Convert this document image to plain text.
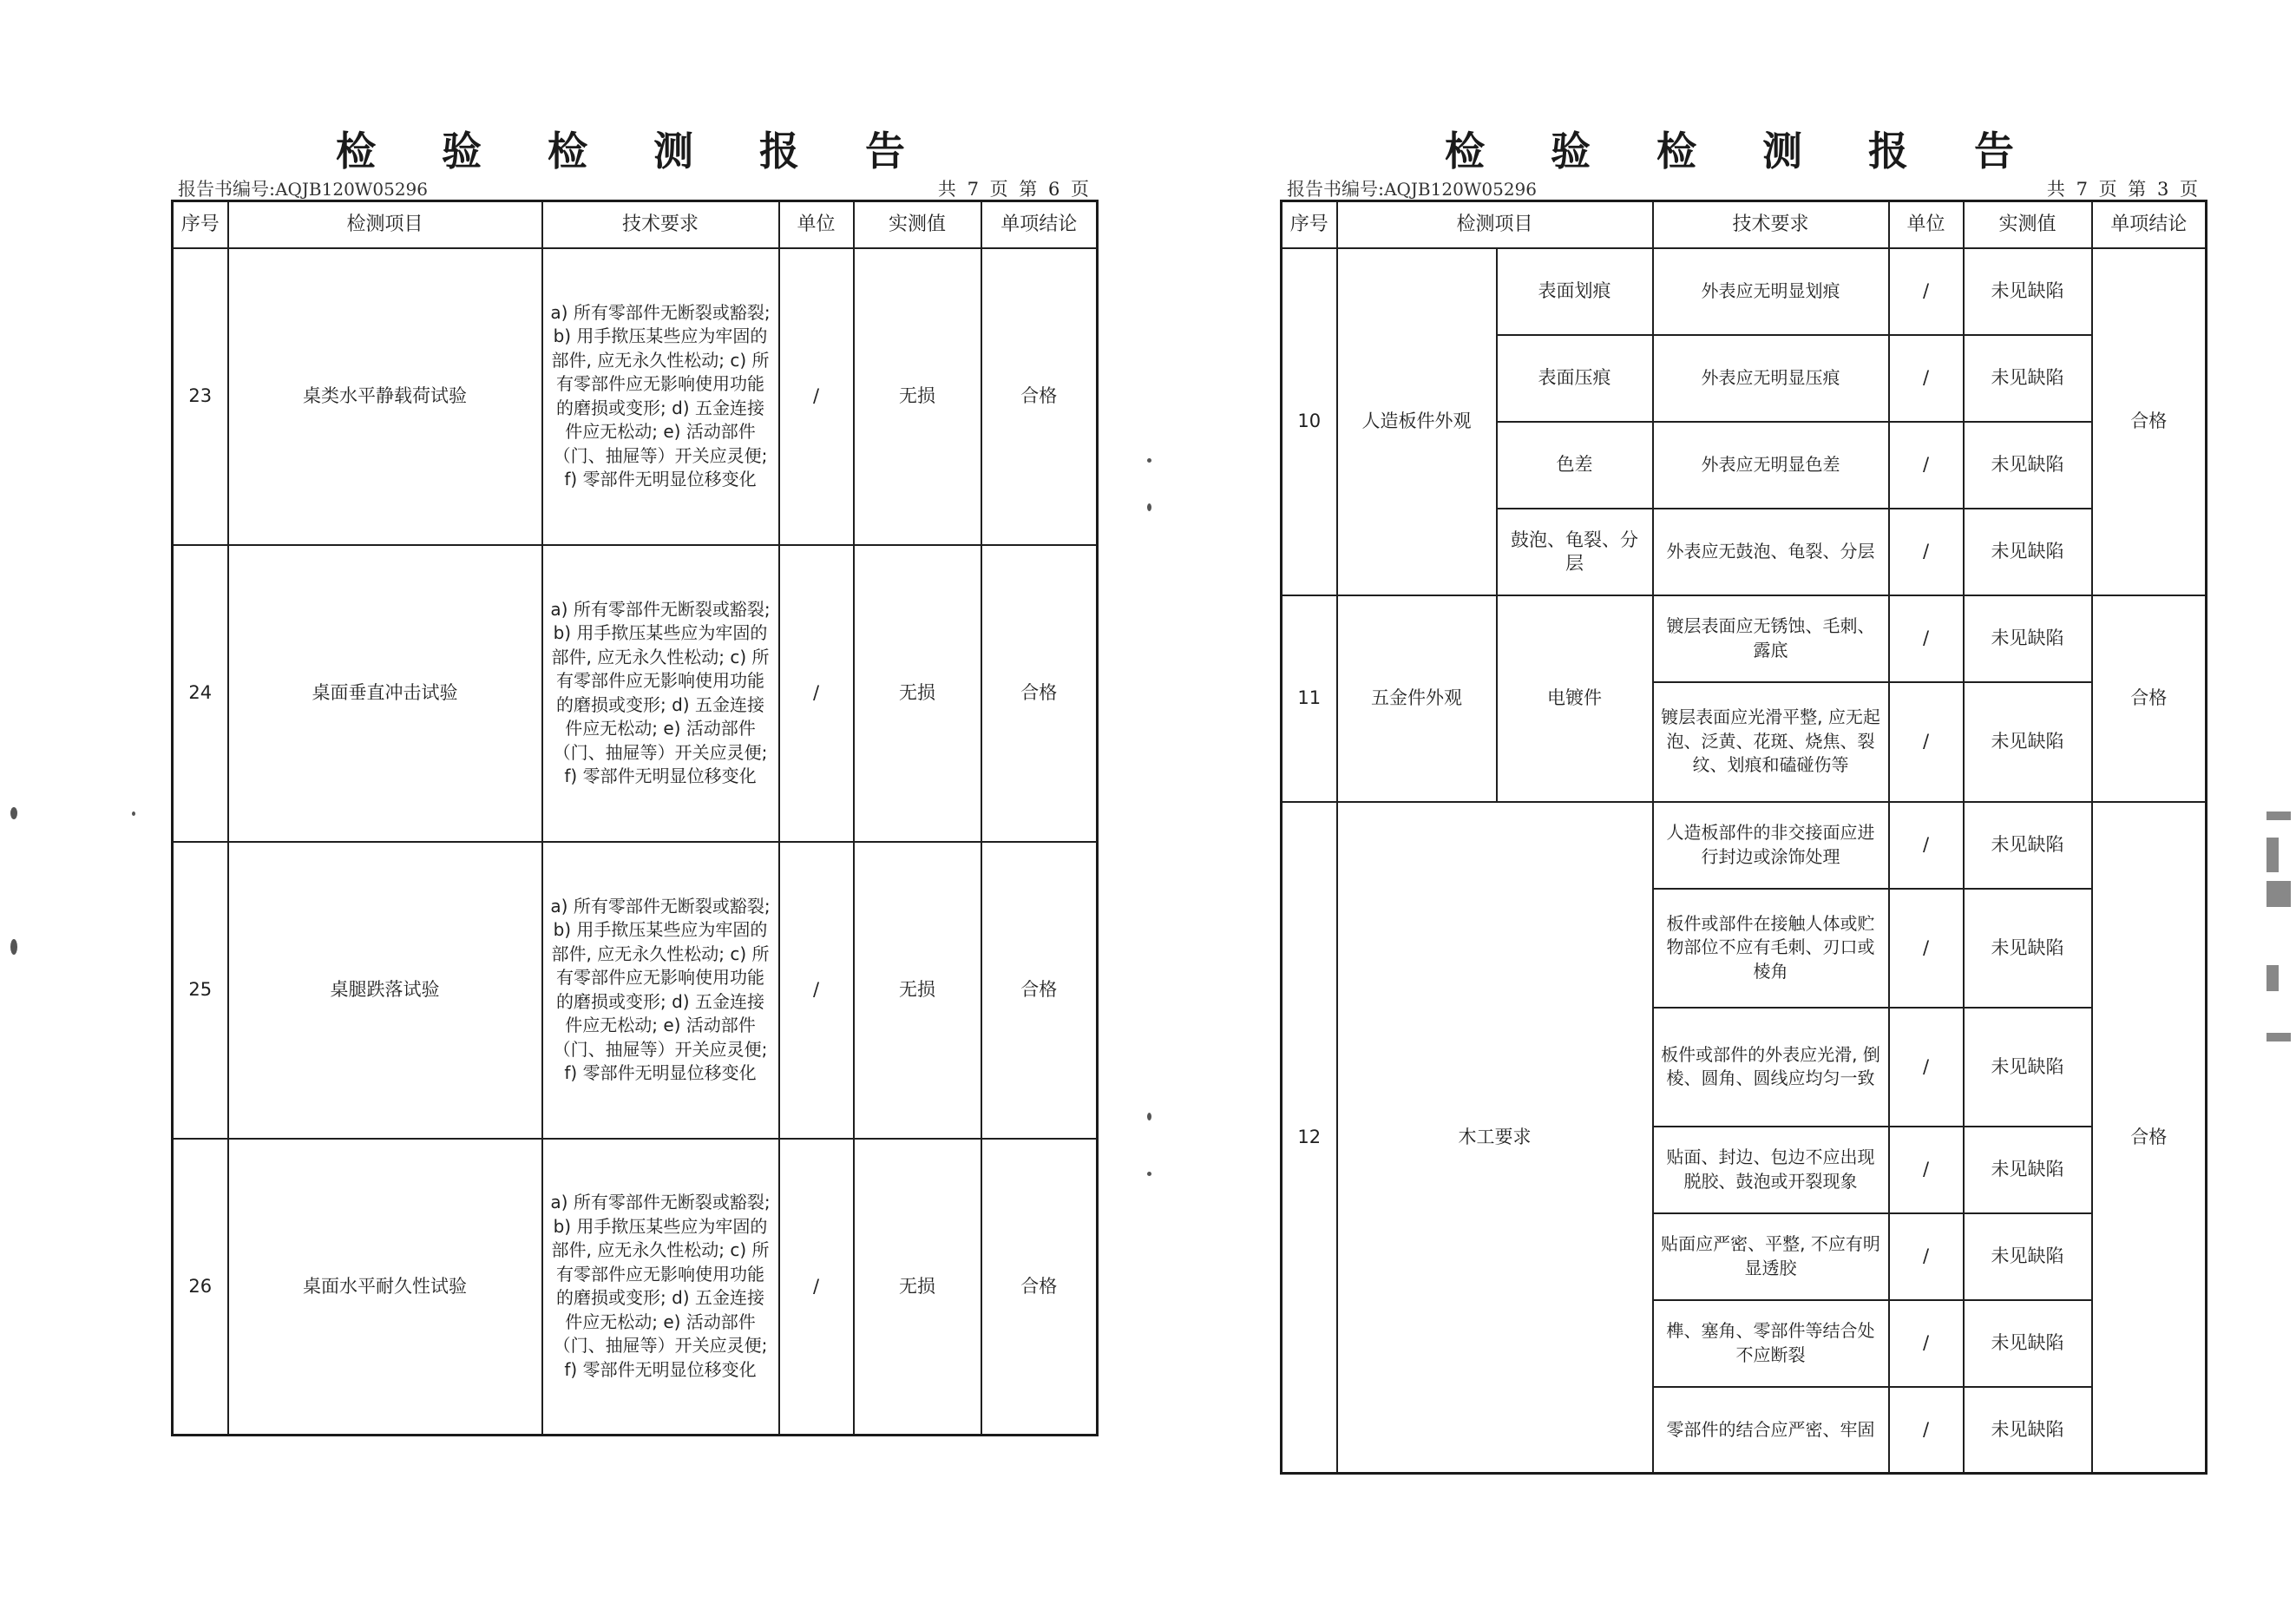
检 验 检 测 报 告
报告书编号:AQJB120W05296	共 7 页 第 6 页
序号	检测项目	技术要求	单位	实测值	单项结论
23	桌类水平静载荷试验	a) 所有零部件无断裂或豁裂; b) 用手揿压某些应为牢固的部件, 应无永久性松动; c) 所有零部件应无影响使用功能的磨损或变形; d) 五金连接件应无松动; e) 活动部件（门、抽屉等）开关应灵便; f) 零部件无明显位移变化	/	无损	合格
24	桌面垂直冲击试验	a) 所有零部件无断裂或豁裂; b) 用手揿压某些应为牢固的部件, 应无永久性松动; c) 所有零部件应无影响使用功能的磨损或变形; d) 五金连接件应无松动; e) 活动部件（门、抽屉等）开关应灵便; f) 零部件无明显位移变化	/	无损	合格
25	桌腿跌落试验	a) 所有零部件无断裂或豁裂; b) 用手揿压某些应为牢固的部件, 应无永久性松动; c) 所有零部件应无影响使用功能的磨损或变形; d) 五金连接件应无松动; e) 活动部件（门、抽屉等）开关应灵便; f) 零部件无明显位移变化	/	无损	合格
26	桌面水平耐久性试验	a) 所有零部件无断裂或豁裂; b) 用手揿压某些应为牢固的部件, 应无永久性松动; c) 所有零部件应无影响使用功能的磨损或变形; d) 五金连接件应无松动; e) 活动部件（门、抽屉等）开关应灵便; f) 零部件无明显位移变化	/	无损	合格
检 验 检 测 报 告
报告书编号:AQJB120W05296	共 7 页 第 3 页
序号	检测项目		技术要求	单位	实测值	单项结论
10	人造板件外观	表面划痕	外表应无明显划痕	/	未见缺陷	合格
		表面压痕	外表应无明显压痕	/	未见缺陷	
		色差	外表应无明显色差	/	未见缺陷	
		鼓泡、龟裂、分层	外表应无鼓泡、龟裂、分层	/	未见缺陷	
11	五金件外观	电镀件	镀层表面应无锈蚀、毛刺、露底	/	未见缺陷	合格
			镀层表面应光滑平整, 应无起泡、泛黄、花斑、烧焦、裂纹、划痕和磕碰伤等	/	未见缺陷	
12	木工要求		人造板部件的非交接面应进行封边或涂饰处理	/	未见缺陷	合格
			板件或部件在接触人体或贮物部位不应有毛刺、刃口或棱角	/	未见缺陷	
			板件或部件的外表应光滑, 倒棱、圆角、圆线应均匀一致	/	未见缺陷	
			贴面、封边、包边不应出现脱胶、鼓泡或开裂现象	/	未见缺陷	
			贴面应严密、平整, 不应有明显透胶	/	未见缺陷	
			榫、塞角、零部件等结合处不应断裂	/	未见缺陷	
			零部件的结合应严密、牢固	/	未见缺陷	
